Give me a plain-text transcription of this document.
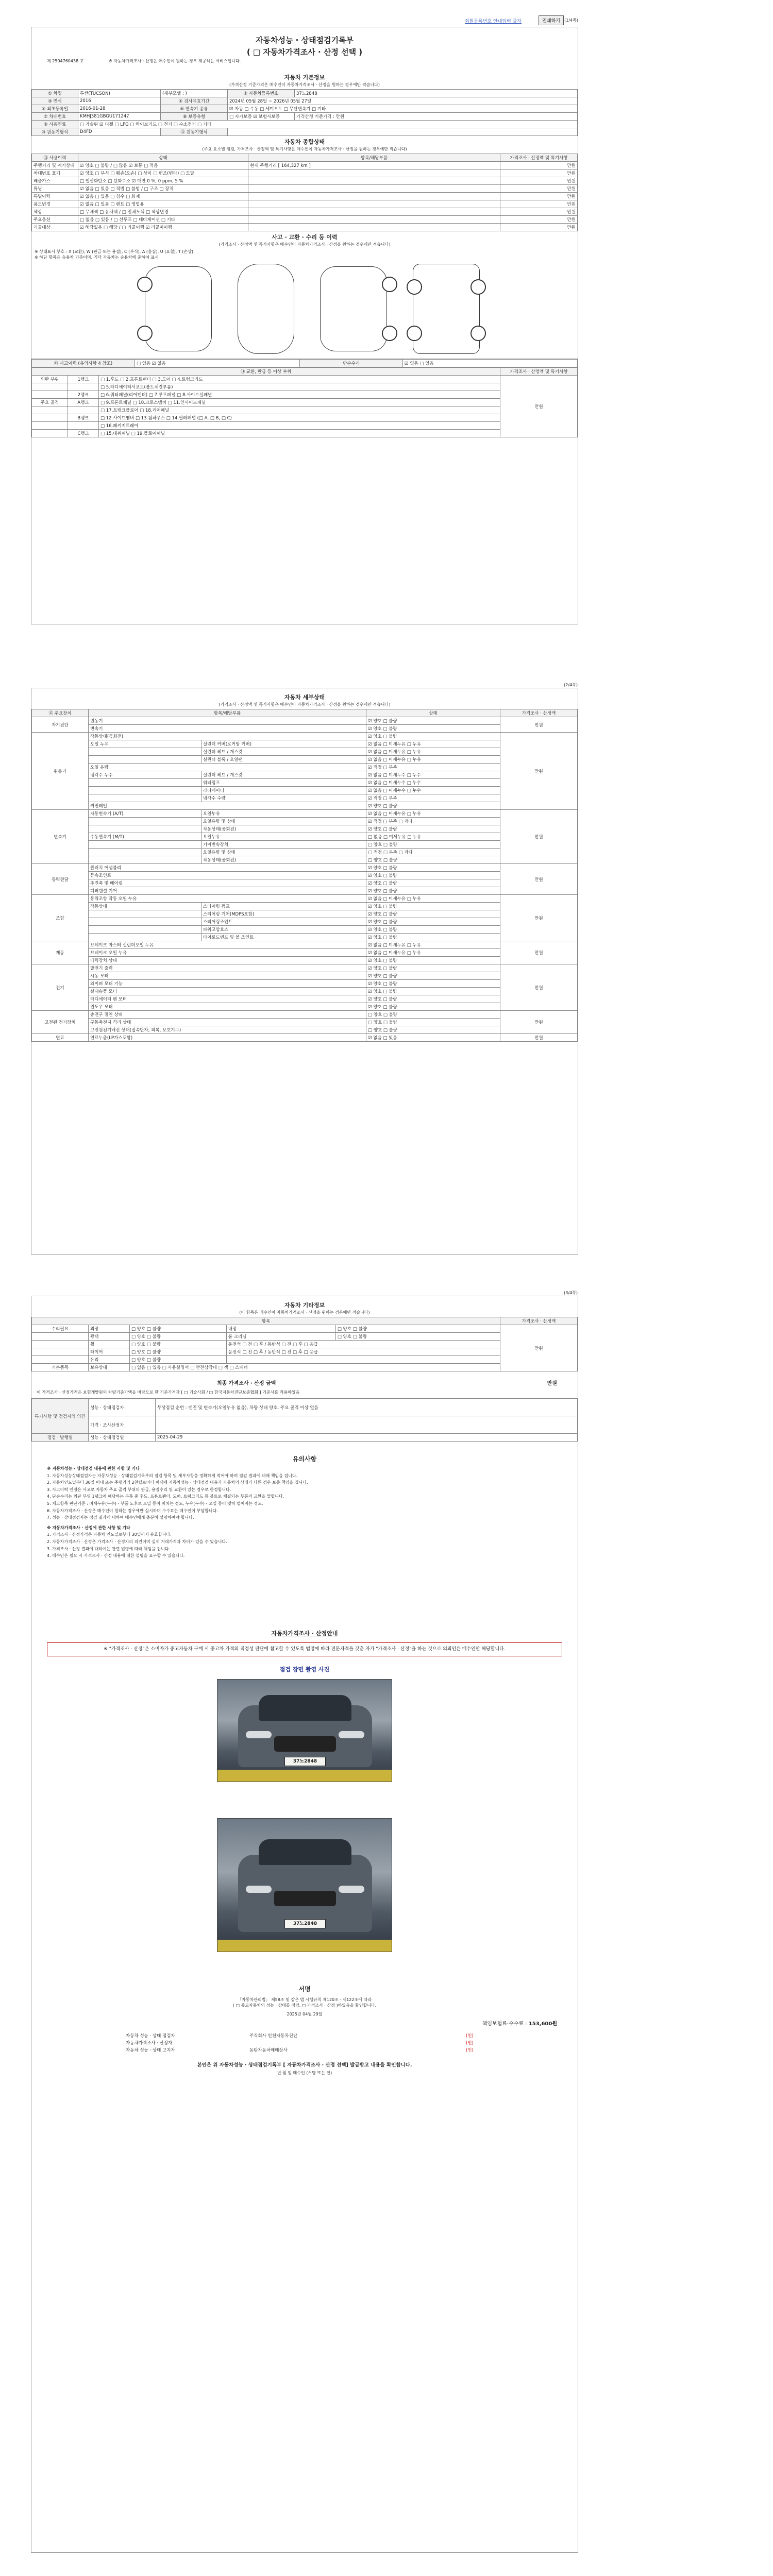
회원등록번호 안내입력 클자	인쇄하기	(1/4쪽)
자동차성능 · 상태점검기록부
( □ 자동차가격조사 · 산정 선택 )
제 2504760438 호	※ 자동차가격조사 · 산정은 매수인이 원하는 경우 제공하는 서비스입니다.
자동차 기본정보
(가격산정 기준가격은 매수인이 자동차가격조사 · 산정을 원하는 경우에만 적습니다)
① 차명	투싼(TUCSON)	(세부모델 : )	② 자동차등록번호	37노2848
③ 연식	2016	④ 검사유효기간	2024년 05월 28일 ~ 2026년 05월 27일	
⑤ 최초등록일	2016-01-28	⑥ 변속기 종류	☑ 자동 □ 수동 □ 세미오토 □ 무단변속기 □ 기타	
⑦ 차대번호	KMHJ381GBGU171247	⑧ 보증유형	□ 자가보증 ☑ 보험사보증	가격산정 기준가격 : 만원
⑨ 사용연료	□ 가솔린 ☑ 디젤 □ LPG □ 하이브리드 □ 전기 □ 수소전기 □ 기타			
⑩ 원동기형식	D4FD	⑪ 원동기형식		
자동차 종합상태
(주요 요소별 점검, 가격조사 · 산정액 및 특기사항은 매수인이 자동차가격조사 · 산정을 원하는 경우에만 적습니다)
⑫ 사용이력	상태	항목/해당부품	가격조사 · 산정액 및 특기사항
주행거리 및 계기상태	☑ 양호 □ 불량 / □ 많음 ☑ 보통 □ 적음	현재 주행거리 [ 164,327 km ]	만원
차대번호 표기	☑ 양호 □ 부식 □ 훼손(오손) □ 상이 □ 변조(변타) □ 도말		만원
배출가스	□ 일산화탄소 □ 탄화수소 ☑ 매연 0 %, 0 ppm, 5 %		만원
튜닝	☑ 없음 □ 있음 □ 적법 □ 불법 / □ 구조 □ 장치		만원
특별이력	☑ 없음 □ 있음 □ 침수 □ 화재		만원
용도변경	☑ 없음 □ 있음 □ 렌트 □ 영업용		만원
색상	□ 무채색 □ 유채색 / □ 전체도색 □ 색상변경		만원
주요옵션	□ 없음 □ 있음 / □ 선루프 □ 네비게이션 □ 기타		만원
리콜대상	☑ 해당없음 □ 해당 / □ 리콜이행 ☑ 리콜미이행		만원
사고 · 교환 · 수리 등 이력
(가격조사 · 산정액 및 특기사항은 매수인이 자동차가격조사 · 산정을 원하는 경우에만 적습니다)
※ 상태표시 부호 : X (교환), W (판금 또는 용접), C (부식), A (흠집), U (요철), T (손상)
※ 하단 항목은 승용차 기준이며, 기타 자동차는 승용차에 준하여 표시
⑬ 사고이력 (유의사항 4 참조)	□ 있음 ☑ 없음	단순수리	☑ 없음 □ 있음
⑭ 교환, 판금 등 이상 부위			가격조사 · 산정액 및 특기사항
외판 부위	1랭크	□ 1.후드 □ 2.프론트펜더 □ 3.도어 □ 4.트렁크리드	만원
		□ 5.라디에이터서포트(볼트체결부품)	
	2랭크	□ 6.쿼터패널(리어펜더) □ 7.루프패널 □ 8.사이드실패널	
주요 골격	A랭크	□ 9.프론트패널 □ 10.크로스멤버 □ 11.인사이드패널	
		□ 17.트렁크플로어 □ 18.리어패널	
	B랭크	□ 12.사이드멤버 □ 13.휠하우스 □ 14.필러패널 (□ A, □ B, □ C)	
		□ 16.패키지트레이	
	C랭크	□ 15.대쉬패널 □ 19.플로어패널	
(2/4쪽)
자동차 세부상태
(가격조사 · 산정액 및 특기사항은 매수인이 자동차가격조사 · 산정을 원하는 경우에만 적습니다)
⑮ 주요장치	항목/해당부품		상태	가격조사 · 산정액
자기진단	원동기		☑ 양호 □ 불량	만원
	변속기		☑ 양호 □ 불량	
원동기	작동상태(공회전)		☑ 양호 □ 불량	만원
	오일 누유	실린더 커버(로커암 커버)	☑ 없음 □ 미세누유 □ 누유	
		실린더 헤드 / 개스킷	☑ 없음 □ 미세누유 □ 누유	
		실린더 블록 / 오일팬	☑ 없음 □ 미세누유 □ 누유	
	오일 유량		☑ 적정 □ 부족	
	냉각수 누수	실린더 헤드 / 개스킷	☑ 없음 □ 미세누수 □ 누수	
		워터펌프	☑ 없음 □ 미세누수 □ 누수	
		라디에이터	☑ 없음 □ 미세누수 □ 누수	
		냉각수 수량	☑ 적정 □ 부족	
	커먼레일		☑ 양호 □ 불량	
변속기	자동변속기 (A/T)	오일누유	☑ 없음 □ 미세누유 □ 누유	만원
		오일유량 및 상태	☑ 적정 □ 부족 □ 과다	
		작동상태(공회전)	☑ 양호 □ 불량	
	수동변속기 (M/T)	오일누유	□ 없음 □ 미세누유 □ 누유	
		기어변속장치	□ 양호 □ 불량	
		오일유량 및 상태	□ 적정 □ 부족 □ 과다	
		작동상태(공회전)	□ 양호 □ 불량	
동력전달	클러치 어셈블리		☑ 양호 □ 불량	만원
	등속조인트		☑ 양호 □ 불량	
	추진축 및 베어링		☑ 양호 □ 불량	
	디퍼렌셜 기어		☑ 양호 □ 불량	
조향	동력조향 작동 오일 누유		☑ 없음 □ 미세누유 □ 누유	만원
	작동상태	스티어링 펌프	☑ 양호 □ 불량	
		스티어링 기어(MDPS포함)	☑ 양호 □ 불량	
		스티어링조인트	☑ 양호 □ 불량	
		파워고압호스	☑ 양호 □ 불량	
		타이로드엔드 및 볼 조인트	☑ 양호 □ 불량	
제동	브레이크 마스터 실린더오일 누유		☑ 없음 □ 미세누유 □ 누유	만원
	브레이크 오일 누유		☑ 없음 □ 미세누유 □ 누유	
	배력장치 상태		☑ 양호 □ 불량	
전기	발전기 출력		☑ 양호 □ 불량	만원
	시동 모터		☑ 양호 □ 불량	
	와이퍼 모터 기능		☑ 양호 □ 불량	
	실내송풍 모터		☑ 양호 □ 불량	
	라디에이터 팬 모터		☑ 양호 □ 불량	
	윈도우 모터		☑ 양호 □ 불량	
고전원 전기장치	충전구 절연 상태		□ 양호 □ 불량	만원
	구동축전지 격리 상태		□ 양호 □ 불량	
	고전원전기배선 상태(접속단자, 피복, 보호기구)		□ 양호 □ 불량	
연료	연료누출(LP가스포함)		☑ 없음 □ 있음	만원
(3/4쪽)
자동차 기타정보
(이 항목은 매수인이 자동차가격조사 · 산정을 원하는 경우에만 적습니다)
항목					가격조사 · 산정액
수리필요	외장	□ 양호 □ 불량	내장	□ 양호 □ 불량	만원
	광택	□ 양호 □ 불량	룸 크리닝	□ 양호 □ 불량	
	휠	□ 양호 □ 불량	운전석 □ 전 □ 후 / 동반석 □ 전 □ 후 □ 응급		
	타이어	□ 양호 □ 불량	운전석 □ 전 □ 후 / 동반석 □ 전 □ 후 □ 응급		
	유리	□ 양호 □ 불량			
기본품목	보유상태	□ 없음 □ 있음 □ 사용설명서 □ 안전삼각대 □ 잭 □ 스패너			
최종 가격조사 · 산정 금액	만원
이 가격조사 · 산정가격은 보험개발원의 차량기준가액을 바탕으로 한 기준가격과 [ □ 기술사회 / □ 한국자동차진단보증협회 ] 기준서를 적용하였음
특기사항 및 점검자의 의견	성능 · 상태점검자	무상점검 순번 : 엔진 및 변속기(오일누유 없음), 차량 상태 양호. 주요 골격 이상 없음
	가격 · 조사산정자	
점검 · 발행일	성능 · 상태점검일	2025-04-29
유의사항

※ 자동차성능 · 상태점검 내용에 관한 사항 및 기타

1. 자동차성능상태점검자는 자동차성능 · 상태점검기록부의 점검 항목 및 세부사항을 정확하게 적어야 하며 점검 결과에 대해 책임을 집니다.

2. 자동차인도일부터 30일 이내 또는 주행거리 2천킬로미터 이내에 자동차성능 · 상태점검 내용과 자동차의 상태가 다른 경우 보증 책임을 집니다.

3. 사고이력 인정은 사고로 자동차 주요 골격 부위의 판금, 용접수리 및 교환이 있는 경우로 한정합니다.

4. 단순수리는 외판 부위 1랭크에 해당하는 부품 중 후드, 프론트펜더, 도어, 트렁크리드 등 볼트로 체결되는 부품의 교환을 말합니다.

5. 체크항목 판단기준 : 미세누유(누수) - 부품 노후로 오일 등이 비치는 정도, 누유(누수) - 오일 등이 맺혀 떨어지는 정도.

6. 자동차가격조사 · 산정은 매수인이 원하는 경우에만 실시하며 수수료는 매수인이 부담합니다.

7. 성능 · 상태점검자는 점검 결과에 대하여 매수인에게 충분히 설명하여야 합니다.

※ 자동차가격조사 · 산정에 관한 사항 및 기타

1. 가격조사 · 산정가격은 자동차 인도일로부터 30일까지 유효합니다.

2. 자동차가격조사 · 산정은 가격조사 · 산정자의 의견이며 실제 거래가격과 차이가 있을 수 있습니다.

3. 가격조사 · 산정 결과에 대하여는 관련 법령에 따라 책임을 집니다.

4. 매수인은 필요 시 가격조사 · 산정 내용에 대한 설명을 요구할 수 있습니다.

자동차가격조사 · 산정안내
※ "가격조사 · 산정"은 소비자가 중고자동차 구매 시 중고차 가격의 적정성 판단에 참고할 수 있도록 법령에 따라 전문자격을 갖춘 자가 "가격조사 · 산정"을 하는 것으로 의뢰인은 매수인만 해당합니다.
점검 장면 촬영 사진
37노2848
37노2848
서명
「자동차관리법」 제58조 및 같은 법 시행규칙 제120조 · 제122조에 따라
( □ 중고자동차의 성능 · 상태를 점검, □ 가격조사 · 산정 )하였음을 확인합니다.
2025년 04월 29일
책임보험료·수수료 : 153,600원
자동차 성능 · 상태 점검자	주식회사 인천자동차진단	(인)
자동차가격조사 · 산정자		(인)
자동차 성능 · 상태 고지자	동탄자동차매매상사	(인)
본인은 위 자동차성능 · 상태점검기록부 [ 자동차가격조사 · 산정 선택] 발급받고 내용을 확인합니다.
년 월 일 매수인 (서명 또는 인)
